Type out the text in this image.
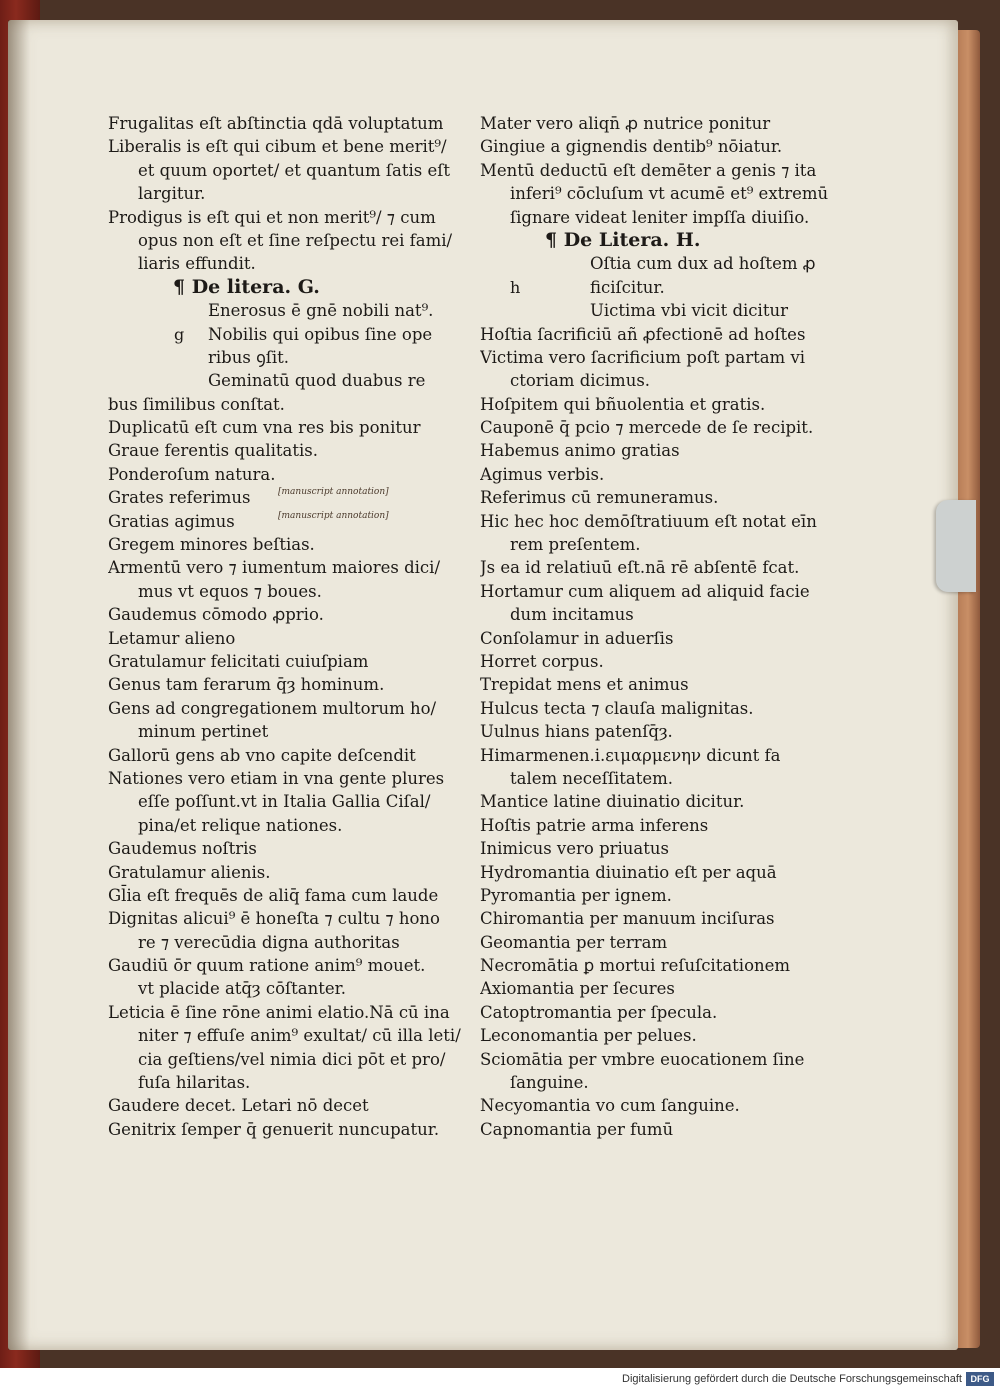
Frugalitas eſt abſtinctia qdā voluptatum
Liberalis is eſt qui cibum et bene merit⁹/
et quum oportet/ et quantum ſatis eſt
largitur.
Prodigus is eſt qui et non merit⁹/ ⁊ cum
opus non eſt et ſine reſpectu rei fami/
liaris effundit.
¶ De litera. G.
Enerosus ē gnē nobili nat⁹.
Nobilis qui opibus ſine ope
g
ribus ꝯſit.
Geminatū quod duabus re
bus ſimilibus conſtat.
Duplicatū eſt cum vna res bis ponitur
Graue ferentis qualitatis.
Ponderoſum natura.
Grates referimus	[manuscript annotation]
Gratias agimus	[manuscript annotation]
Gregem minores beſtias.
Armentū vero ⁊ iumentum maiores dici/
mus vt equos ⁊ boues.
Gaudemus cōmodo ꝓprio.
Letamur alieno
Gratulamur felicitati cuiuſpiam
Genus tam ferarum q̄ȝ hominum.
Gens ad congregationem multorum ho/
minum pertinet
Gallorū gens ab vno capite deſcendit
Nationes vero etiam in vna gente plures
eſſe poſſunt.vt in Italia Gallia Ciſal/
pina/et relique nationes.
Gaudemus noſtris
Gratulamur alienis.
Gl̄ia eſt frequēs de aliq̄ fama cum laude
Dignitas alicui⁹ ē honeſta ⁊ cultu ⁊ hono
re ⁊ verecūdia digna authoritas
Gaudiū ōr quum ratione anim⁹ mouet.
vt placide atq̄ȝ cōſtanter.
Leticia ē ſine rōne animi elatio.Nā cū ina
niter ⁊ effuſe anim⁹ exultat/ cū illa leti/
cia geſtiens/vel nimia dici pōt et pro/
fuſa hilaritas.
Gaudere decet. Letari nō decet
Genitrix ſemper q̄ genuerit nuncupatur.
Mater vero aliqn̄ ꝓ nutrice ponitur
Gingiue a gignendis dentib⁹ nōiatur.
Mentū deductū eſt demēter a genis ⁊ ita
inferi⁹ cōcluſum vt acumē et⁹ extremū
ſignare videat leniter impſſa diuiſio.
¶ De Litera. H.
Oſtia cum dux ad hoſtem ꝓ
ficiſcitur.
h
Uictima vbi vicit dicitur
Hoſtia ſacrificiū añ ꝓfectionē ad hoſtes
Victima vero ſacrificium poſt partam vi
ctoriam dicimus.
Hoſpitem qui bñuolentia et gratis.
Cauponē q̄ pcio ⁊ mercede de ſe recipit.
Habemus animo gratias
Agimus verbis.
Referimus cū remuneramus.
Hic hec hoc demōſtratiuum eſt notat eīn
rem preſentem.
Js ea id relatiuū eſt.nā rē abſentē fcat.
Hortamur cum aliquem ad aliquid facie
dum incitamus
Conſolamur in aduerſis
Horret corpus.
Trepidat mens et animus
Hulcus tecta ⁊ clauſa malignitas.
Uulnus hians patenſq̄ȝ.
Himarmenen.i.ειμαρμενην dicunt fa
talem neceſſitatem.
Mantice latine diuinatio dicitur.
Hoſtis patrie arma inferens
Inimicus vero priuatus
Hydromantia diuinatio eſt per aquā
Pyromantia per ignem.
Chiromantia per manuum inciſuras
Geomantia per terram
Necromātia ꝑ mortui reſuſcitationem
Axiomantia per ſecures
Catoptromantia per ſpecula.
Leconomantia per pelues.
Sciomātia per vmbre euocationem ſine
ſanguine.
Necyomantia vo cum ſanguine.
Capnomantia per fumū
Digitalisierung gefördert durch die Deutsche Forschungsgemeinschaft DFG
